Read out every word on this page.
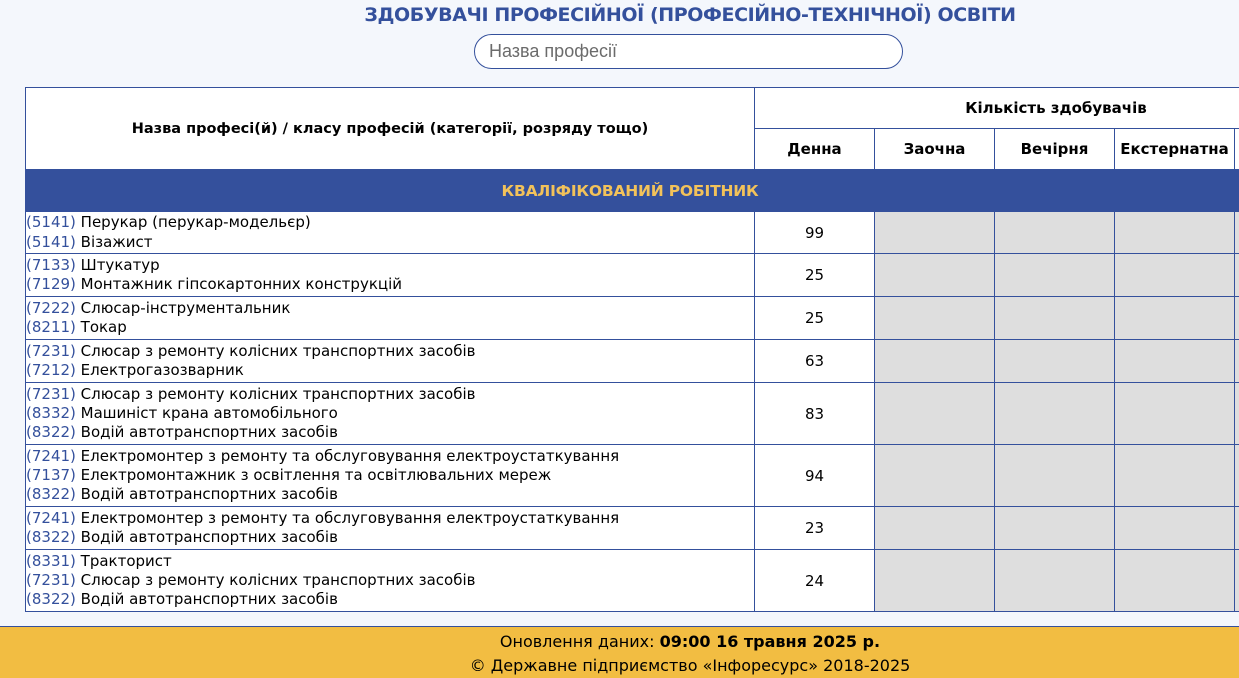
ЗДОБУВАЧІ ПРОФЕСІЙНОЇ (ПРОФЕСІЙНО-ТЕХНІЧНОЇ) ОСВІТИ
Назва професії
Назва професі(й) / класу професій (категорії, розряду тощо)	Кількість здобувачів				
	Денна	Заочна	Вечірня	Екстернатна	
КВАЛІФІКОВАНИЙ РОБІТНИК					

(5141) Перукар (перукар-модельєр)
(5141) Візажист	99				

(7133) Штукатур
(7129) Монтажник гіпсокартонних конструкцій	25				

(7222) Слюсар-інструментальник
(8211) Токар	25				

(7231) Слюсар з ремонту колісних транспортних засобів
(7212) Електрогазозварник	63				

(7231) Слюсар з ремонту колісних транспортних засобів
(8332) Машиніст крана автомобільного
(8322) Водій автотранспортних засобів	83				

(7241) Електромонтер з ремонту та обслуговування електроустаткування
(7137) Електромонтажник з освітлення та освітлювальних мереж
(8322) Водій автотранспортних засобів	94				

(7241) Електромонтер з ремонту та обслуговування електроустаткування
(8322) Водій автотранспортних засобів	23				

(8331) Тракторист
(7231) Слюсар з ремонту колісних транспортних засобів
(8322) Водій автотранспортних засобів	24				
Оновлення даних: 09:00 16 травня 2025 р.
© Державне підприємство «Інфоресурс» 2018-2025
